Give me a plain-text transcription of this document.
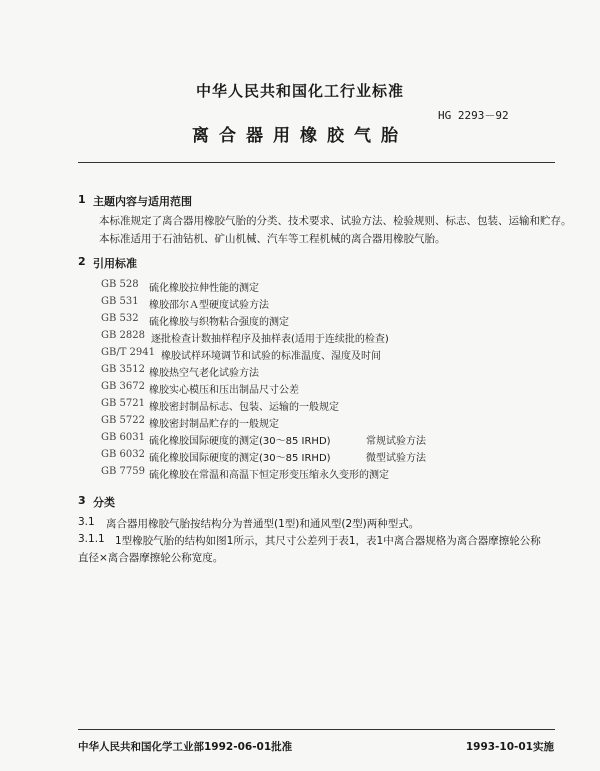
中华人民共和国化工行业标准
HG 2293－92
离合器用橡胶气胎
1 主题内容与适用范围
本标准规定了离合器用橡胶气胎的分类、技术要求、试验方法、检验规则、标志、包装、运输和贮存。
本标准适用于石油钻机、矿山机械、汽车等工程机械的离合器用橡胶气胎。
2 引用标准
GB 528 硫化橡胶拉伸性能的测定
GB 531 橡胶邵尔Ａ型硬度试验方法
GB 532 硫化橡胶与织物粘合强度的测定
GB 2828 逐批检查计数抽样程序及抽样表(适用于连续批的检查)
GB/T 2941 橡胶试样环境调节和试验的标准温度、湿度及时间
GB 3512 橡胶热空气老化试验方法
GB 3672 橡胶实心模压和压出制品尺寸公差
GB 5721 橡胶密封制品标志、包装、运输的一般规定
GB 5722 橡胶密封制品贮存的一般规定
GB 6031 硫化橡胶国际硬度的测定(30～85 IRHD)	常规试验方法
GB 6032 硫化橡胶国际硬度的测定(30～85 IRHD)	微型试验方法
GB 7759 硫化橡胶在常温和高温下恒定形变压缩永久变形的测定
3 分类
3.1 离合器用橡胶气胎按结构分为普通型(1型)和通风型(2型)两种型式。
3.1.1 1型橡胶气胎的结构如图1所示，其尺寸公差列于表1，表1中离合器规格为离合器摩擦轮公称
直径×离合器摩擦轮公称宽度。
中华人民共和国化学工业部1992-06-01批准	1993-10-01实施
